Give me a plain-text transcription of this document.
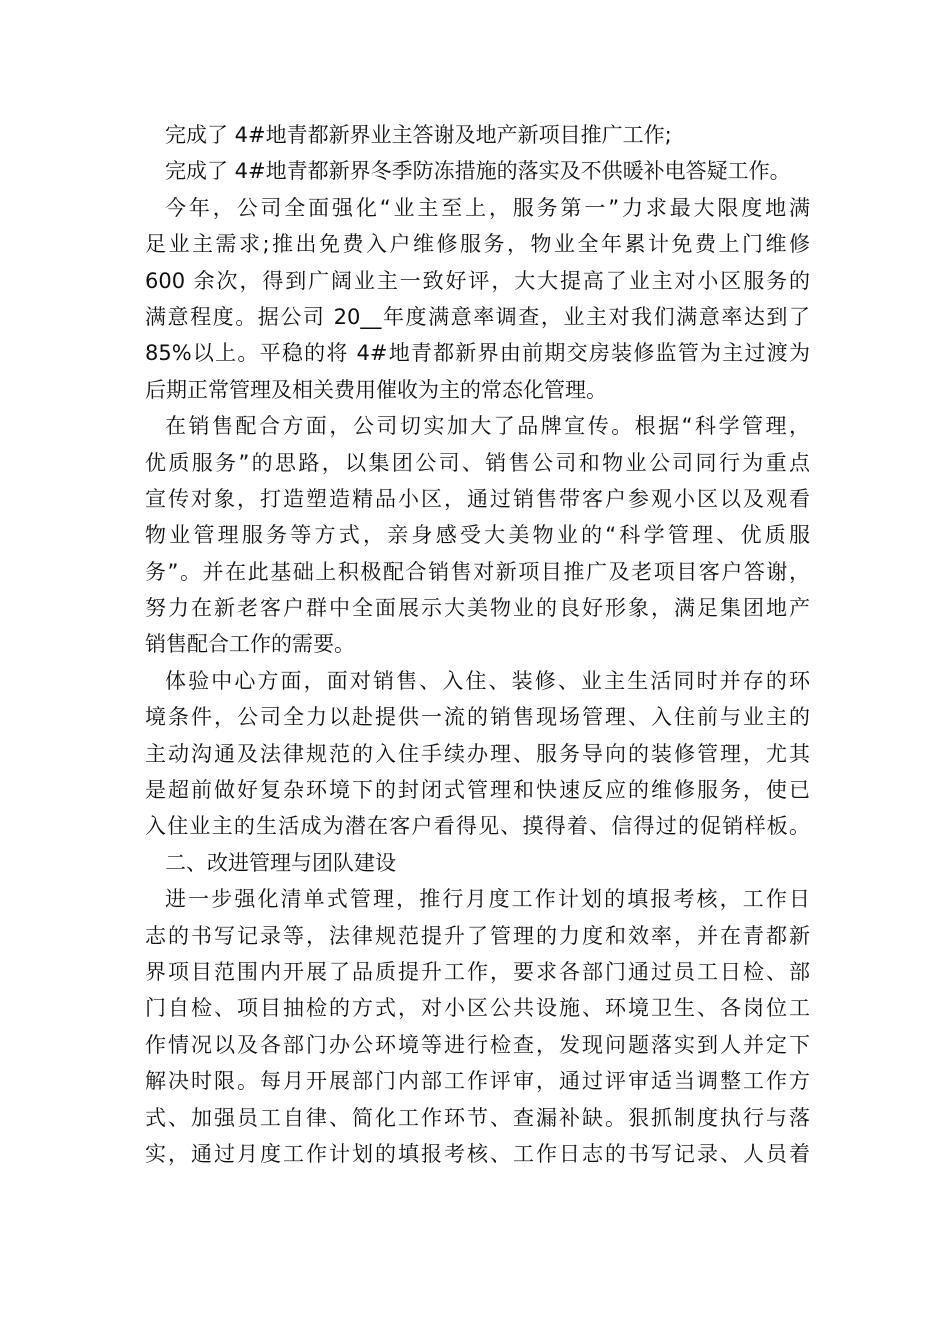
完成了 4#地青都新界业主答谢及地产新项目推广工作;
完成了 4#地青都新界冬季防冻措施的落实及不供暖补电答疑工作。
今年，公司全面强化“业主至上，服务第一”力求最大限度地满
足业主需求;推出免费入户维修服务，物业全年累计免费上门维修
600 余次，得到广阔业主一致好评，大大提高了业主对小区服务的
满意程度。据公司 20__年度满意率调查，业主对我们满意率达到了
85%以上。平稳的将 4#地青都新界由前期交房装修监管为主过渡为
后期正常管理及相关费用催收为主的常态化管理。
在销售配合方面，公司切实加大了品牌宣传。根据“科学管理，
优质服务”的思路，以集团公司、销售公司和物业公司同行为重点
宣传对象，打造塑造精品小区，通过销售带客户参观小区以及观看
物业管理服务等方式，亲身感受大美物业的“科学管理、优质服
务”。并在此基础上积极配合销售对新项目推广及老项目客户答谢，
努力在新老客户群中全面展示大美物业的良好形象，满足集团地产
销售配合工作的需要。
体验中心方面，面对销售、入住、装修、业主生活同时并存的环
境条件，公司全力以赴提供一流的销售现场管理、入住前与业主的
主动沟通及法律规范的入住手续办理、服务导向的装修管理，尤其
是超前做好复杂环境下的封闭式管理和快速反应的维修服务，使已
入住业主的生活成为潜在客户看得见、摸得着、信得过的促销样板。
二、改进管理与团队建设
进一步强化清单式管理，推行月度工作计划的填报考核，工作日
志的书写记录等，法律规范提升了管理的力度和效率，并在青都新
界项目范围内开展了品质提升工作，要求各部门通过员工日检、部
门自检、项目抽检的方式，对小区公共设施、环境卫生、各岗位工
作情况以及各部门办公环境等进行检查，发现问题落实到人并定下
解决时限。每月开展部门内部工作评审，通过评审适当调整工作方
式、加强员工自律、简化工作环节、查漏补缺。狠抓制度执行与落
实，通过月度工作计划的填报考核、工作日志的书写记录、人员着
